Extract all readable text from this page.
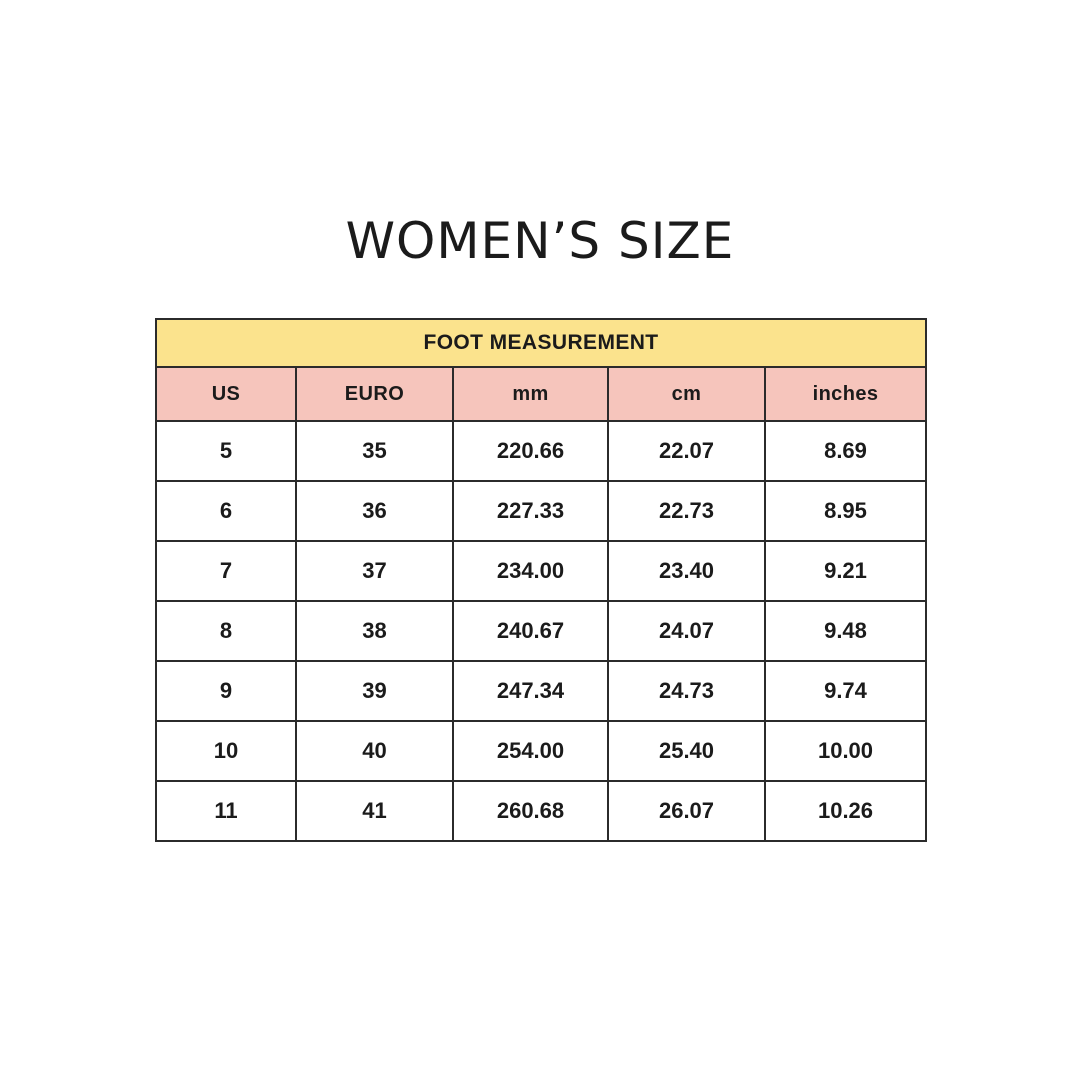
WOMEN’S SIZE
FOOT MEASUREMENT				
US	EURO	mm	cm	inches
5	35	220.66	22.07	8.69
6	36	227.33	22.73	8.95
7	37	234.00	23.40	9.21
8	38	240.67	24.07	9.48
9	39	247.34	24.73	9.74
10	40	254.00	25.40	10.00
11	41	260.68	26.07	10.26
